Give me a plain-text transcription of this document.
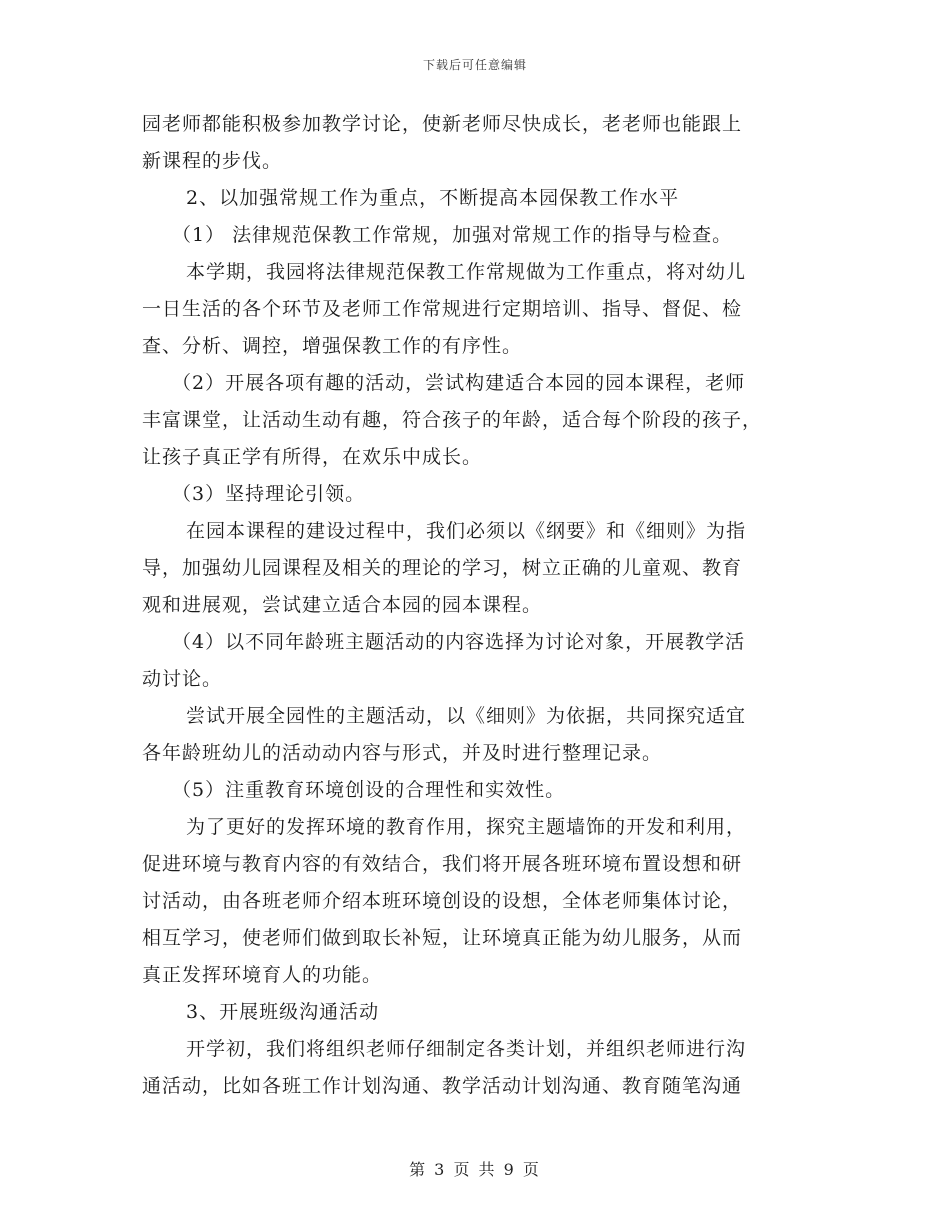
下载后可任意编辑
园老师都能积极参加教学讨论，使新老师尽快成长，老老师也能跟上
新课程的步伐。
2、以加强常规工作为重点，不断提高本园保教工作水平
（1） 法律规范保教工作常规，加强对常规工作的指导与检查。
本学期，我园将法律规范保教工作常规做为工作重点，将对幼儿
一日生活的各个环节及老师工作常规进行定期培训、指导、督促、检
查、分析、调控，增强保教工作的有序性。
（2）开展各项有趣的活动，尝试构建适合本园的园本课程，老师
丰富课堂，让活动生动有趣，符合孩子的年龄，适合每个阶段的孩子，
让孩子真正学有所得，在欢乐中成长。
（3）坚持理论引领。
在园本课程的建设过程中，我们必须以《纲要》和《细则》为指
导，加强幼儿园课程及相关的理论的学习，树立正确的儿童观、教育
观和进展观，尝试建立适合本园的园本课程。
（4）以不同年龄班主题活动的内容选择为讨论对象，开展教学活
动讨论。
尝试开展全园性的主题活动，以《细则》为依据，共同探究适宜
各年龄班幼儿的活动动内容与形式，并及时进行整理记录。
（5）注重教育环境创设的合理性和实效性。
为了更好的发挥环境的教育作用，探究主题墙饰的开发和利用，
促进环境与教育内容的有效结合，我们将开展各班环境布置设想和研
讨活动，由各班老师介绍本班环境创设的设想，全体老师集体讨论，
相互学习，使老师们做到取长补短，让环境真正能为幼儿服务，从而
真正发挥环境育人的功能。
3、开展班级沟通活动
开学初，我们将组织老师仔细制定各类计划，并组织老师进行沟
通活动，比如各班工作计划沟通、教学活动计划沟通、教育随笔沟通
第 3 页 共 9 页
